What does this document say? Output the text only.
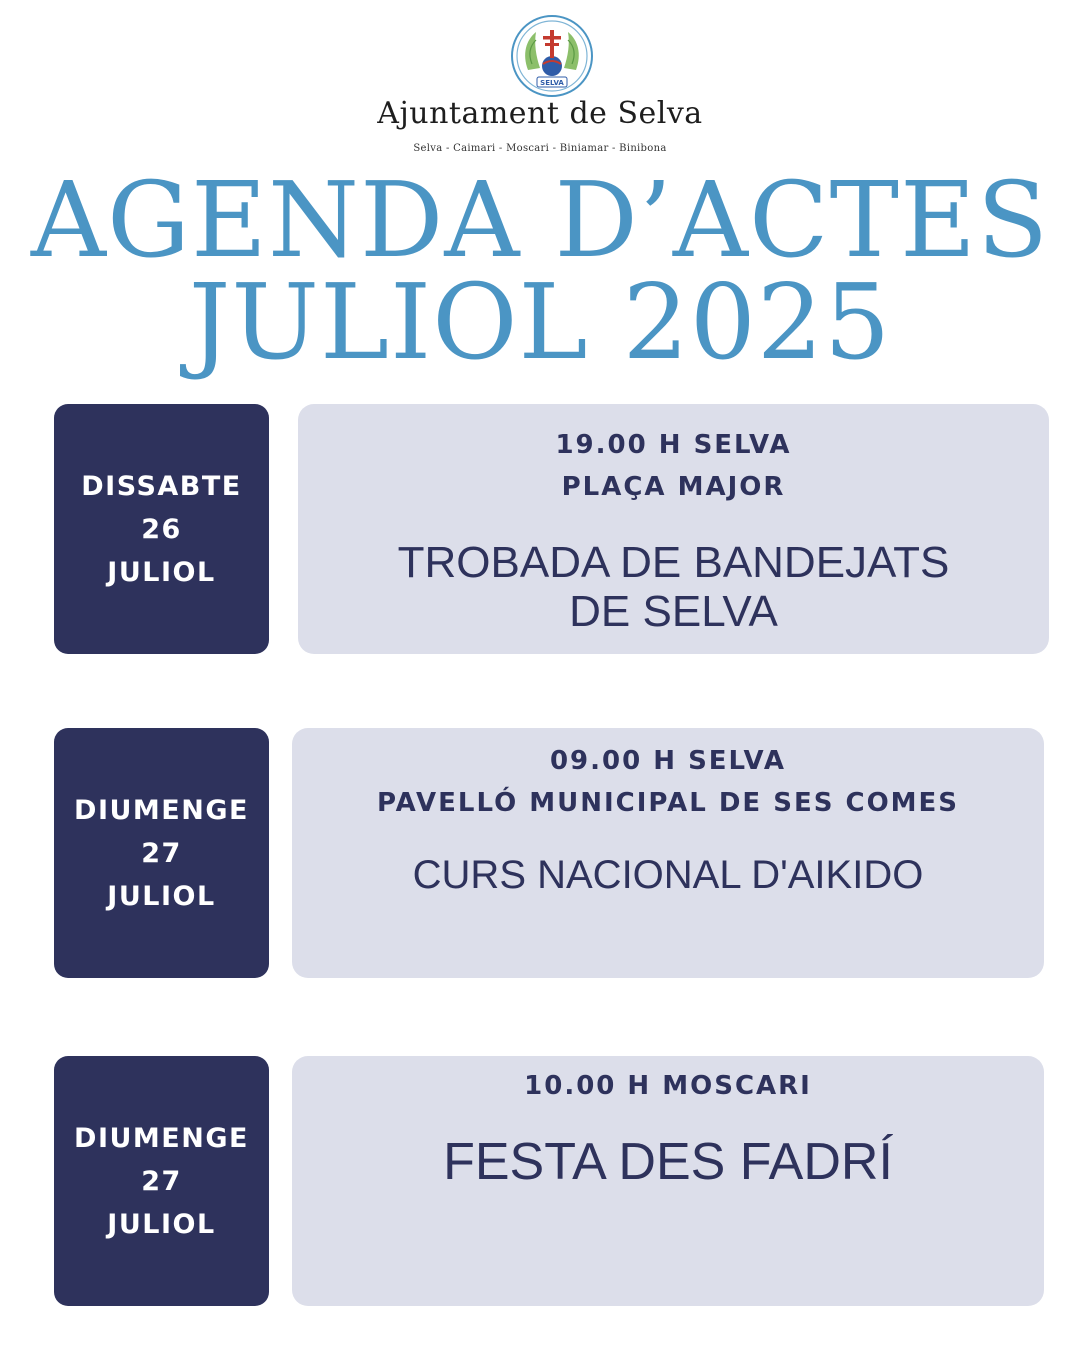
SELVA
Ajuntament de Selva
Selva - Caimari - Moscari - Biniamar - Binibona
AGENDA D’ACTES
JULIOL 2025
DISSABTE
26
JULIOL
19.00 H SELVA
PLAÇA MAJOR
TROBADA DE BANDEJATS
DE SELVA
DIUMENGE
27
JULIOL
09.00 H SELVA
PAVELLÓ MUNICIPAL DE SES COMES
CURS NACIONAL D'AIKIDO
DIUMENGE
27
JULIOL
10.00 H MOSCARI
FESTA DES FADRÍ
